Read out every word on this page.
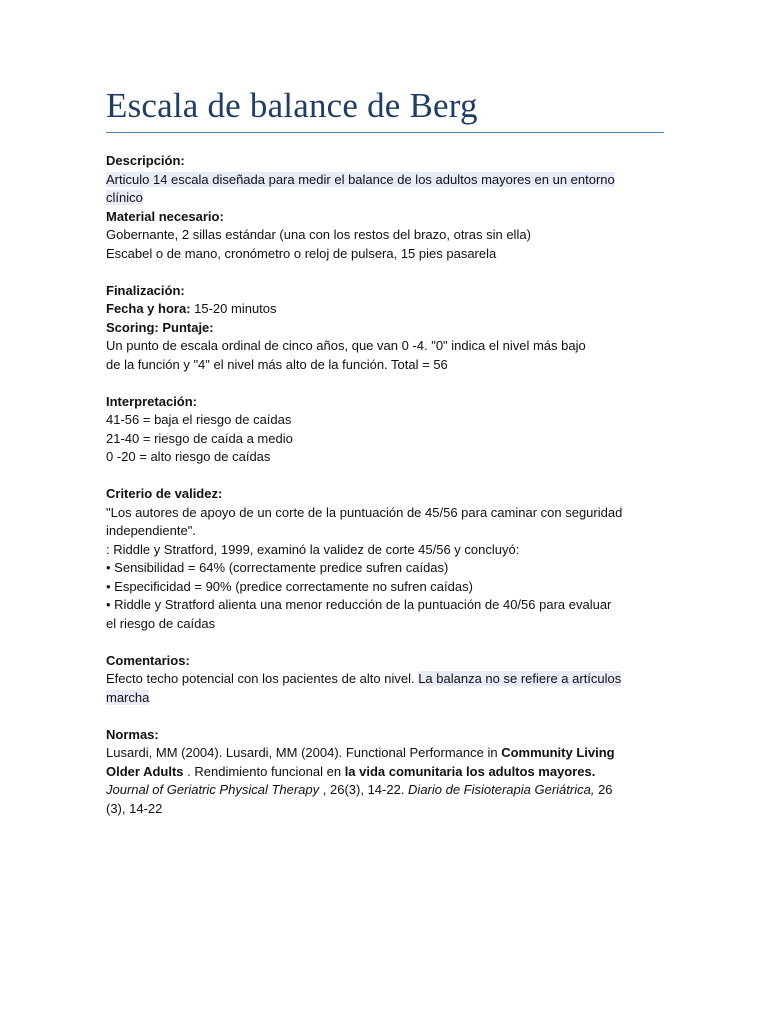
Escala de balance de Berg
Descripción:
Articulo 14 escala diseñada para medir el balance de los adultos mayores en un entorno
clínico
Material necesario:
Gobernante, 2 sillas estándar (una con los restos del brazo, otras sin ella)
Escabel o de mano, cronómetro o reloj de pulsera, 15 pies pasarela
Finalización:
Fecha y hora: 15-20 minutos
Scoring: Puntaje:
Un punto de escala ordinal de cinco años, que van 0 -4. "0" indica el nivel más bajo
de la función y "4" el nivel más alto de la función. Total = 56
Interpretación:
41-56 = baja el riesgo de caídas
21-40 = riesgo de caída a medio
0 -20 = alto riesgo de caídas
Criterio de validez:
"Los autores de apoyo de un corte de la puntuación de 45/56 para caminar con seguridad
independiente".
: Riddle y Stratford, 1999, examinó la validez de corte 45/56 y concluyó:
• Sensibilidad = 64% (correctamente predice sufren caídas)
• Especificidad = 90% (predice correctamente no sufren caídas)
• Riddle y Stratford alienta una menor reducción de la puntuación de 40/56 para evaluar
el riesgo de caídas
Comentarios:
Efecto techo potencial con los pacientes de alto nivel. La balanza no se refiere a artículos
marcha
Normas:
Lusardi, MM (2004). Lusardi, MM (2004). Functional Performance in Community Living
Older Adults . Rendimiento funcional en la vida comunitaria los adultos mayores.
Journal of Geriatric Physical Therapy , 26(3), 14-22. Diario de Fisioterapia Geriátrica, 26
(3), 14-22
